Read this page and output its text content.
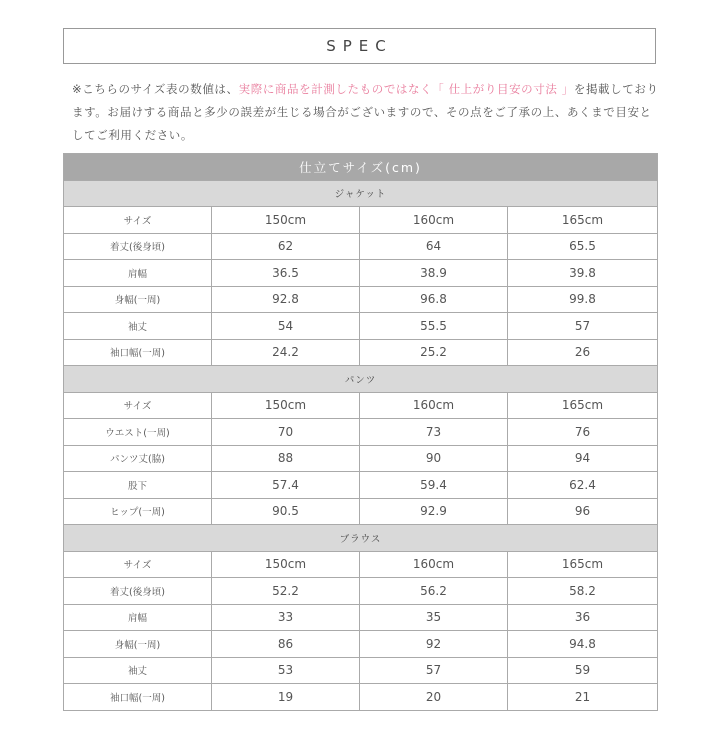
SPEC
※こちらのサイズ表の数値は、実際に商品を計測したものではなく「 仕上がり目安の寸法 」を掲載しております。お届けする商品と多少の誤差が生じる場合がございますので、その点をご了承の上、あくまで目安としてご利用ください。
仕立てサイズ(cm)			
ジャケット			
サイズ	150cm	160cm	165cm
着丈(後身頃)	62	64	65.5
肩幅	36.5	38.9	39.8
身幅(一周)	92.8	96.8	99.8
袖丈	54	55.5	57
袖口幅(一周)	24.2	25.2	26
パンツ			
サイズ	150cm	160cm	165cm
ウエスト(一周)	70	73	76
パンツ丈(脇)	88	90	94
股下	57.4	59.4	62.4
ヒップ(一周)	90.5	92.9	96
ブラウス			
サイズ	150cm	160cm	165cm
着丈(後身頃)	52.2	56.2	58.2
肩幅	33	35	36
身幅(一周)	86	92	94.8
袖丈	53	57	59
袖口幅(一周)	19	20	21
